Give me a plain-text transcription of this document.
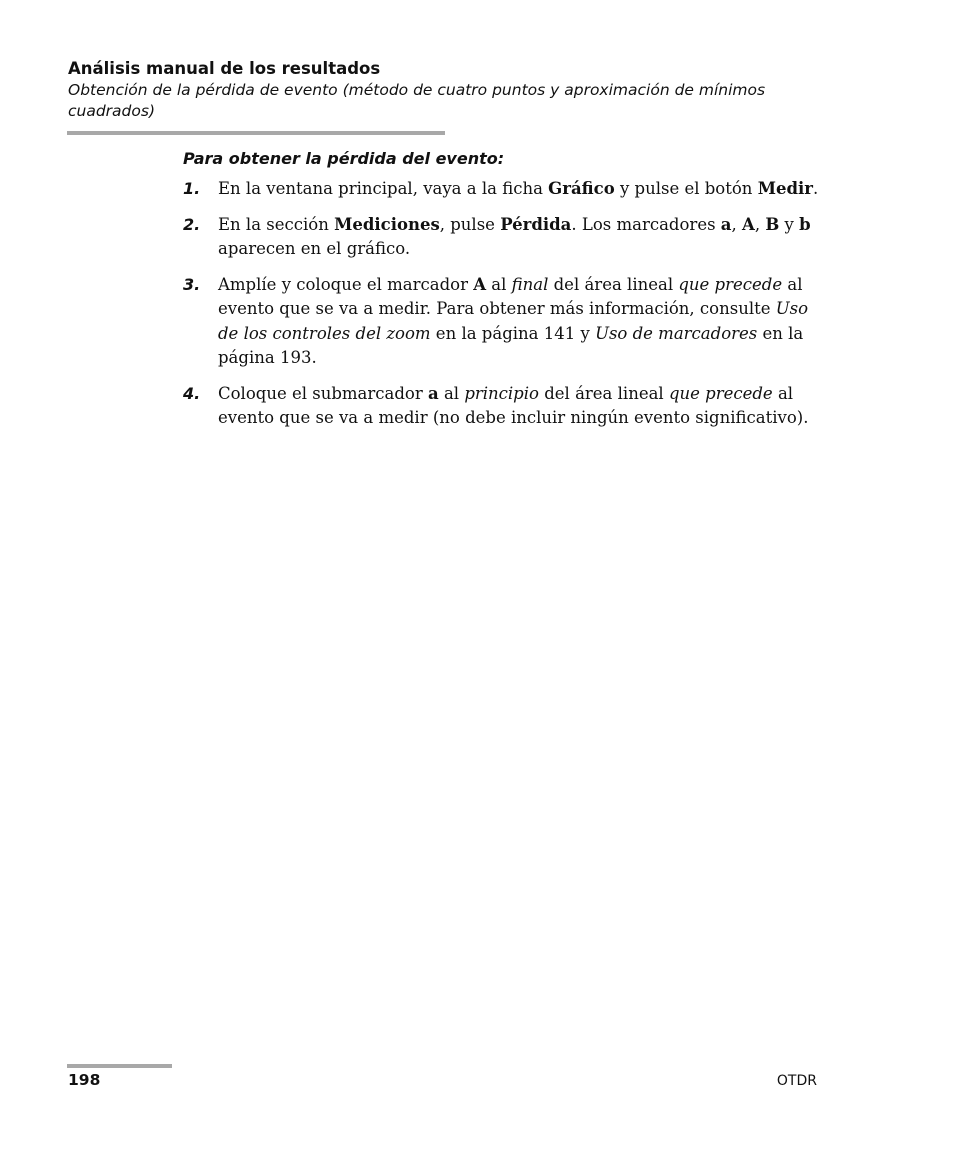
Análisis manual de los resultados

Obtención de la pérdida de evento (método de cuatro puntos y aproximación de mínimos cuadrados)

Para obtener la pérdida del evento:
1. En la ventana principal, vaya a la ficha Gráfico y pulse el botón Medir.
2. En la sección Mediciones, pulse Pérdida. Los marcadores a, A, B y b aparecen en el gráfico.
3. Amplíe y coloque el marcador A al final del área lineal que precede al evento que se va a medir. Para obtener más información, consulte Uso de los controles del zoom en la página 141 y Uso de marcadores en la página 193.
4. Coloque el submarcador a al principio del área lineal que precede al evento que se va a medir (no debe incluir ningún evento significativo).
198	OTDR
